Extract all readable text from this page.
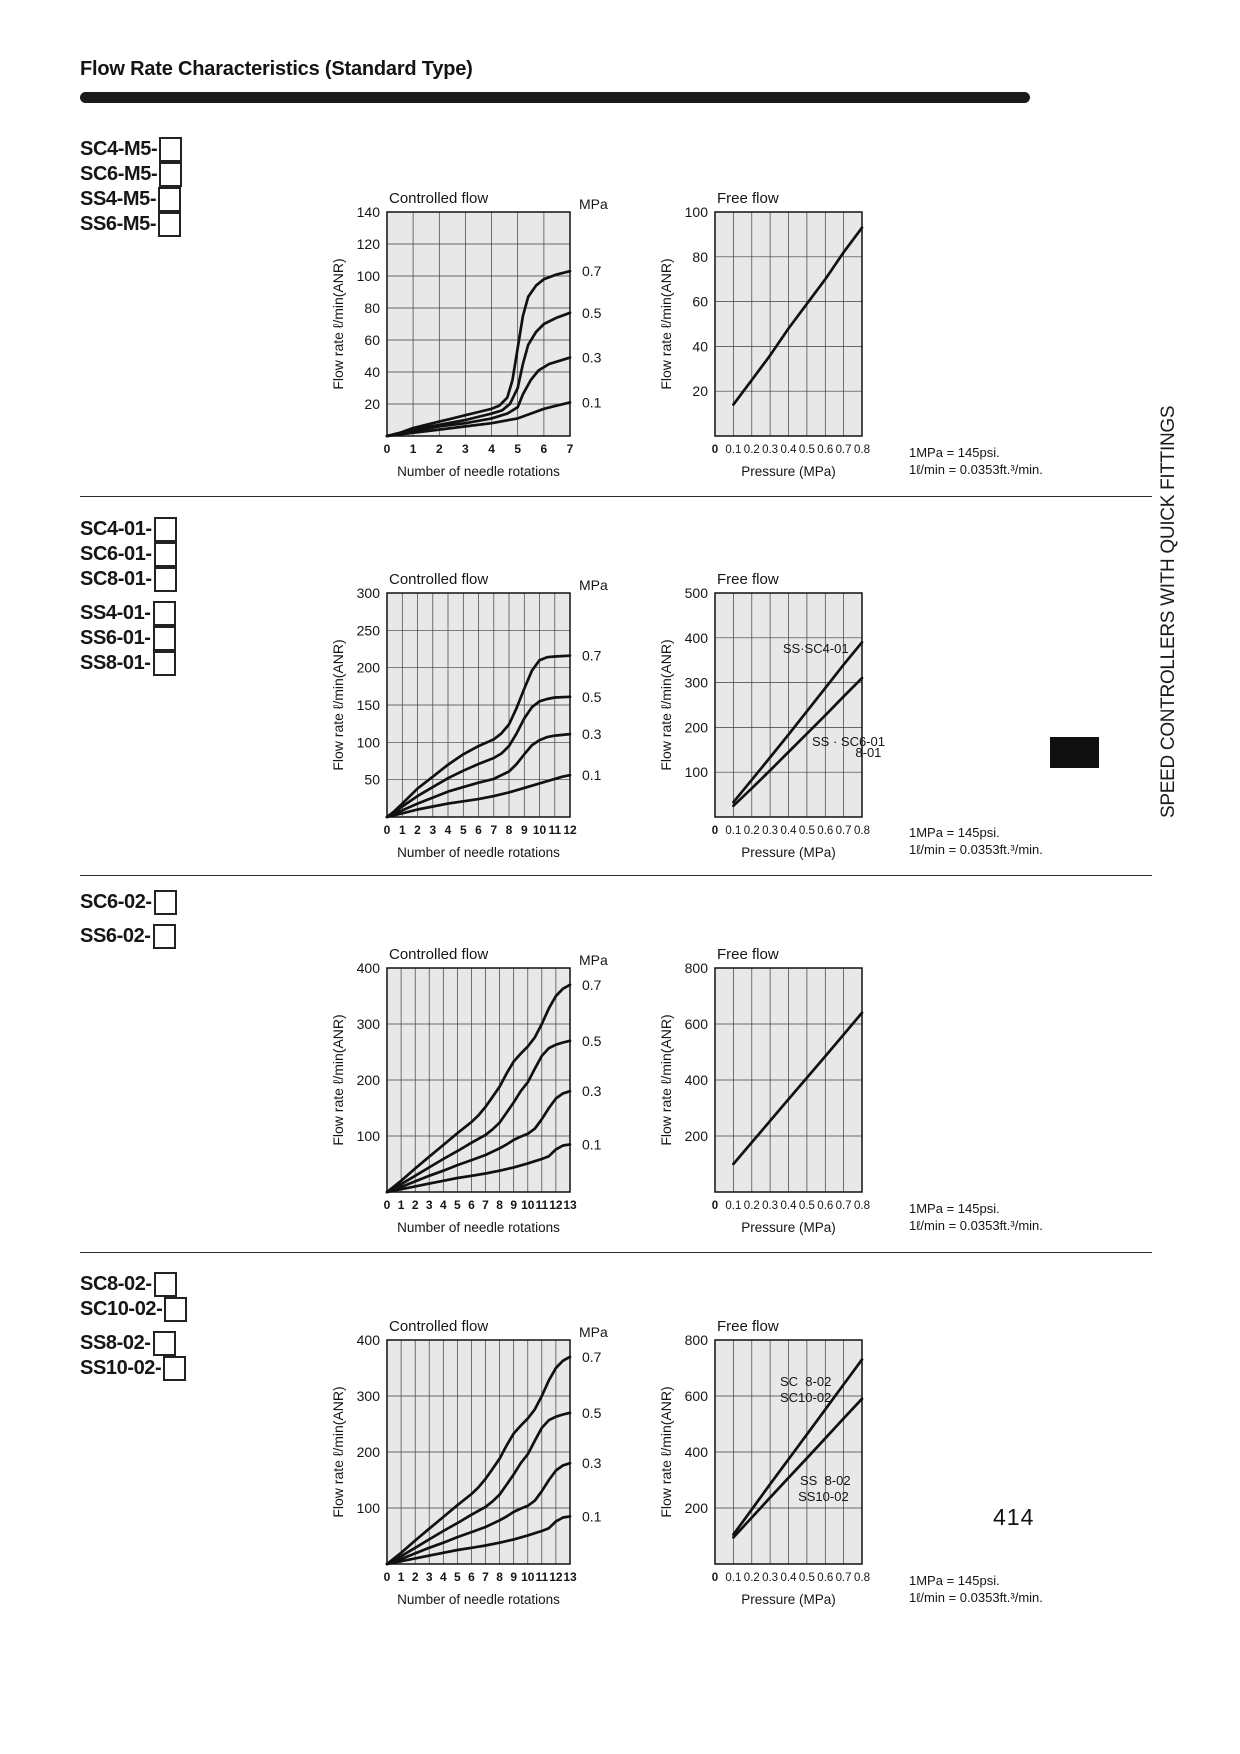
Flow Rate Characteristics (Standard Type)
SC4-M5-
SC6-M5-
SS4-M5-
SS6-M5-
SC4-01-
SC6-01-
SC8-01-
SS4-01-
SS6-01-
SS8-01-
SC6-02-
SS6-02-
SC8-02-
SC10-02-
SS8-02-
SS10-02-
20
40
60
80
100
120
140
0 1 2 3 4 5 6 7
Controlled flow	MPa
0.7
0.5
0.3
0.1
Number of needle rotations
Flow rate ℓ/min(ANR)
20
40
60
80
100
0 0.1 0.2 0.3 0.4 0.5 0.6 0.7 0.8
Free flow
Pressure (MPa)
Flow rate ℓ/min(ANR)
50
100
150
200
250
300
0 1 2 3 4 5 6 7 8 9 10 11 12
Controlled flow	MPa
0.7
0.5
0.3
0.1
Number of needle rotations
Flow rate ℓ/min(ANR)
100
200
300
400
500
0 0.1 0.2 0.3 0.4 0.5 0.6 0.7 0.8
Free flow
SS·SC4-01
SS · SC6-01
8-01
Pressure (MPa)
Flow rate ℓ/min(ANR)
100
200
300
400
0 1 2 3 4 5 6 7 8 9 10 11 12 13
Controlled flow	MPa
0.7
0.5
0.3
0.1
Number of needle rotations
Flow rate ℓ/min(ANR)	200
400
600
800
0 0.1 0.2 0.3 0.4 0.5 0.6 0.7 0.8
Free flow
Pressure (MPa)
Flow rate ℓ/min(ANR)
100
200
300
400
0 1 2 3 4 5 6 7 8 9 10 11 12 13
Controlled flow	MPa
0.7
0.5
0.3
0.1
Number of needle rotations
Flow rate ℓ/min(ANR)	200
400
600
800
0 0.1 0.2 0.3 0.4 0.5 0.6 0.7 0.8
Free flow
SC  8-02
SC10-02
SS  8-02
SS10-02
Pressure (MPa)
Flow rate ℓ/min(ANR)
1MPa = 145psi.
1ℓ/min = 0.0353ft.³/min.
1MPa = 145psi.
1ℓ/min = 0.0353ft.³/min.
1MPa = 145psi.
1ℓ/min = 0.0353ft.³/min.
1MPa = 145psi.
1ℓ/min = 0.0353ft.³/min.
SPEED CONTROLLERS WITH QUICK FITTINGS
414
